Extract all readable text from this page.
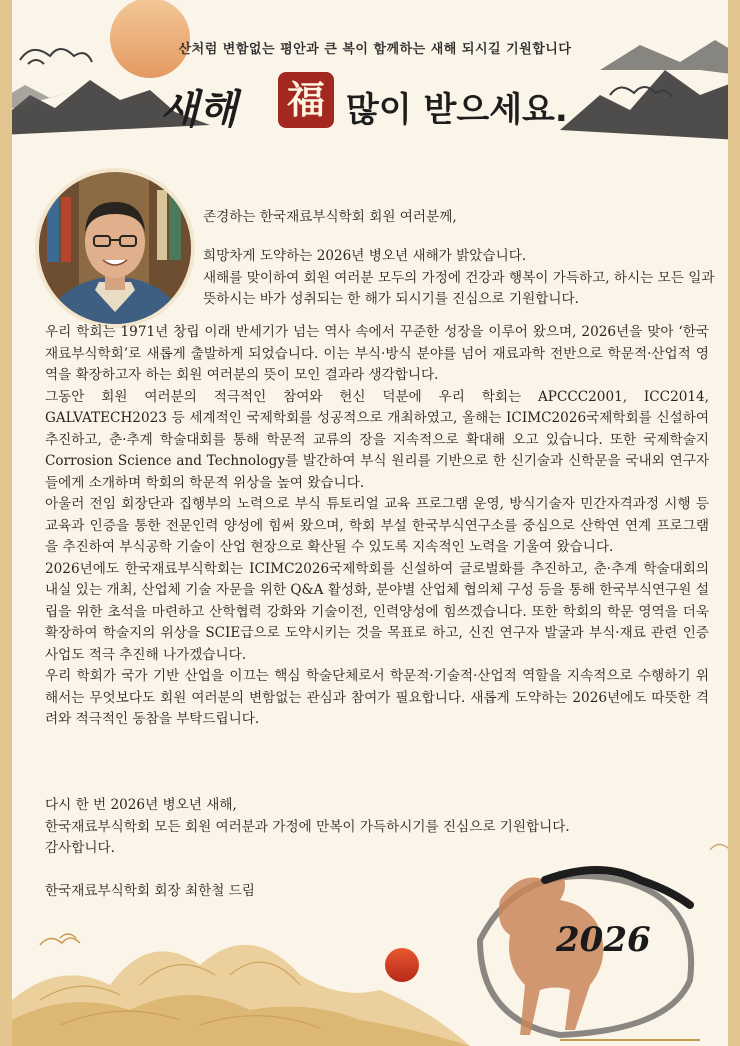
산처럼 변함없는 평안과 큰 복이 함께하는 새해 되시길 기원합니다
새해 福 많이 받으세요.
존경하는 한국재료부식학회 회원 여러분께,
희망차게 도약하는 2026년 병오년 새해가 밝았습니다.
새해를 맞이하여 회원 여러분 모두의 가정에 건강과 행복이 가득하고, 하시는 모든 일과 뜻하시는 바가 성취되는 한 해가 되시기를 진심으로 기원합니다.

우리 학회는 1971년 창립 이래 반세기가 넘는 역사 속에서 꾸준한 성장을 이루어 왔으며, 2026년을 맞아 ‘한국재료부식학회’로 새롭게 출발하게 되었습니다. 이는 부식·방식 분야를 넘어 재료과학 전반으로 학문적·산업적 영역을 확장하고자 하는 회원 여러분의 뜻이 모인 결과라 생각합니다.

그동안 회원 여러분의 적극적인 참여와 헌신 덕분에 우리 학회는 APCCC2001, ICC2014, GALVATECH2023 등 세계적인 국제학회를 성공적으로 개최하였고, 올해는 ICIMC2026국제학회를 신설하여 추진하고, 춘·추계 학술대회를 통해 학문적 교류의 장을 지속적으로 확대해 오고 있습니다. 또한 국제학술지 Corrosion Science and Technology를 발간하여 부식 원리를 기반으로 한 신기술과 신학문을 국내외 연구자들에게 소개하며 학회의 학문적 위상을 높여 왔습니다.

아울러 전임 회장단과 집행부의 노력으로 부식 튜토리얼 교육 프로그램 운영, 방식기술자 민간자격과정 시행 등 교육과 인증을 통한 전문인력 양성에 힘써 왔으며, 학회 부설 한국부식연구소를 중심으로 산학연 연계 프로그램을 추진하여 부식공학 기술이 산업 현장으로 확산될 수 있도록 지속적인 노력을 기울여 왔습니다.

2026년에도 한국재료부식학회는 ICIMC2026국제학회를 신설하여 글로벌화를 추진하고, 춘·추계 학술대회의 내실 있는 개최, 산업체 기술 자문을 위한 Q&A 활성화, 분야별 산업체 협의체 구성 등을 통해 한국부식연구원 설립을 위한 초석을 마련하고 산학협력 강화와 기술이전, 인력양성에 힘쓰겠습니다. 또한 학회의 학문 영역을 더욱 확장하여 학술지의 위상을 SCIE급으로 도약시키는 것을 목표로 하고, 신진 연구자 발굴과 부식·재료 관련 인증 사업도 적극 추진해 나가겠습니다.

우리 학회가 국가 기반 산업을 이끄는 핵심 학술단체로서 학문적·기술적·산업적 역할을 지속적으로 수행하기 위해서는 무엇보다도 회원 여러분의 변함없는 관심과 참여가 필요합니다. 새롭게 도약하는 2026년에도 따뜻한 격려와 적극적인 동참을 부탁드립니다.

다시 한 번 2026년 병오년 새해,

한국재료부식학회 모든 회원 여러분과 가정에 만복이 가득하시기를 진심으로 기원합니다.

감사합니다.

한국재료부식학회 회장 최한철 드림
2026
